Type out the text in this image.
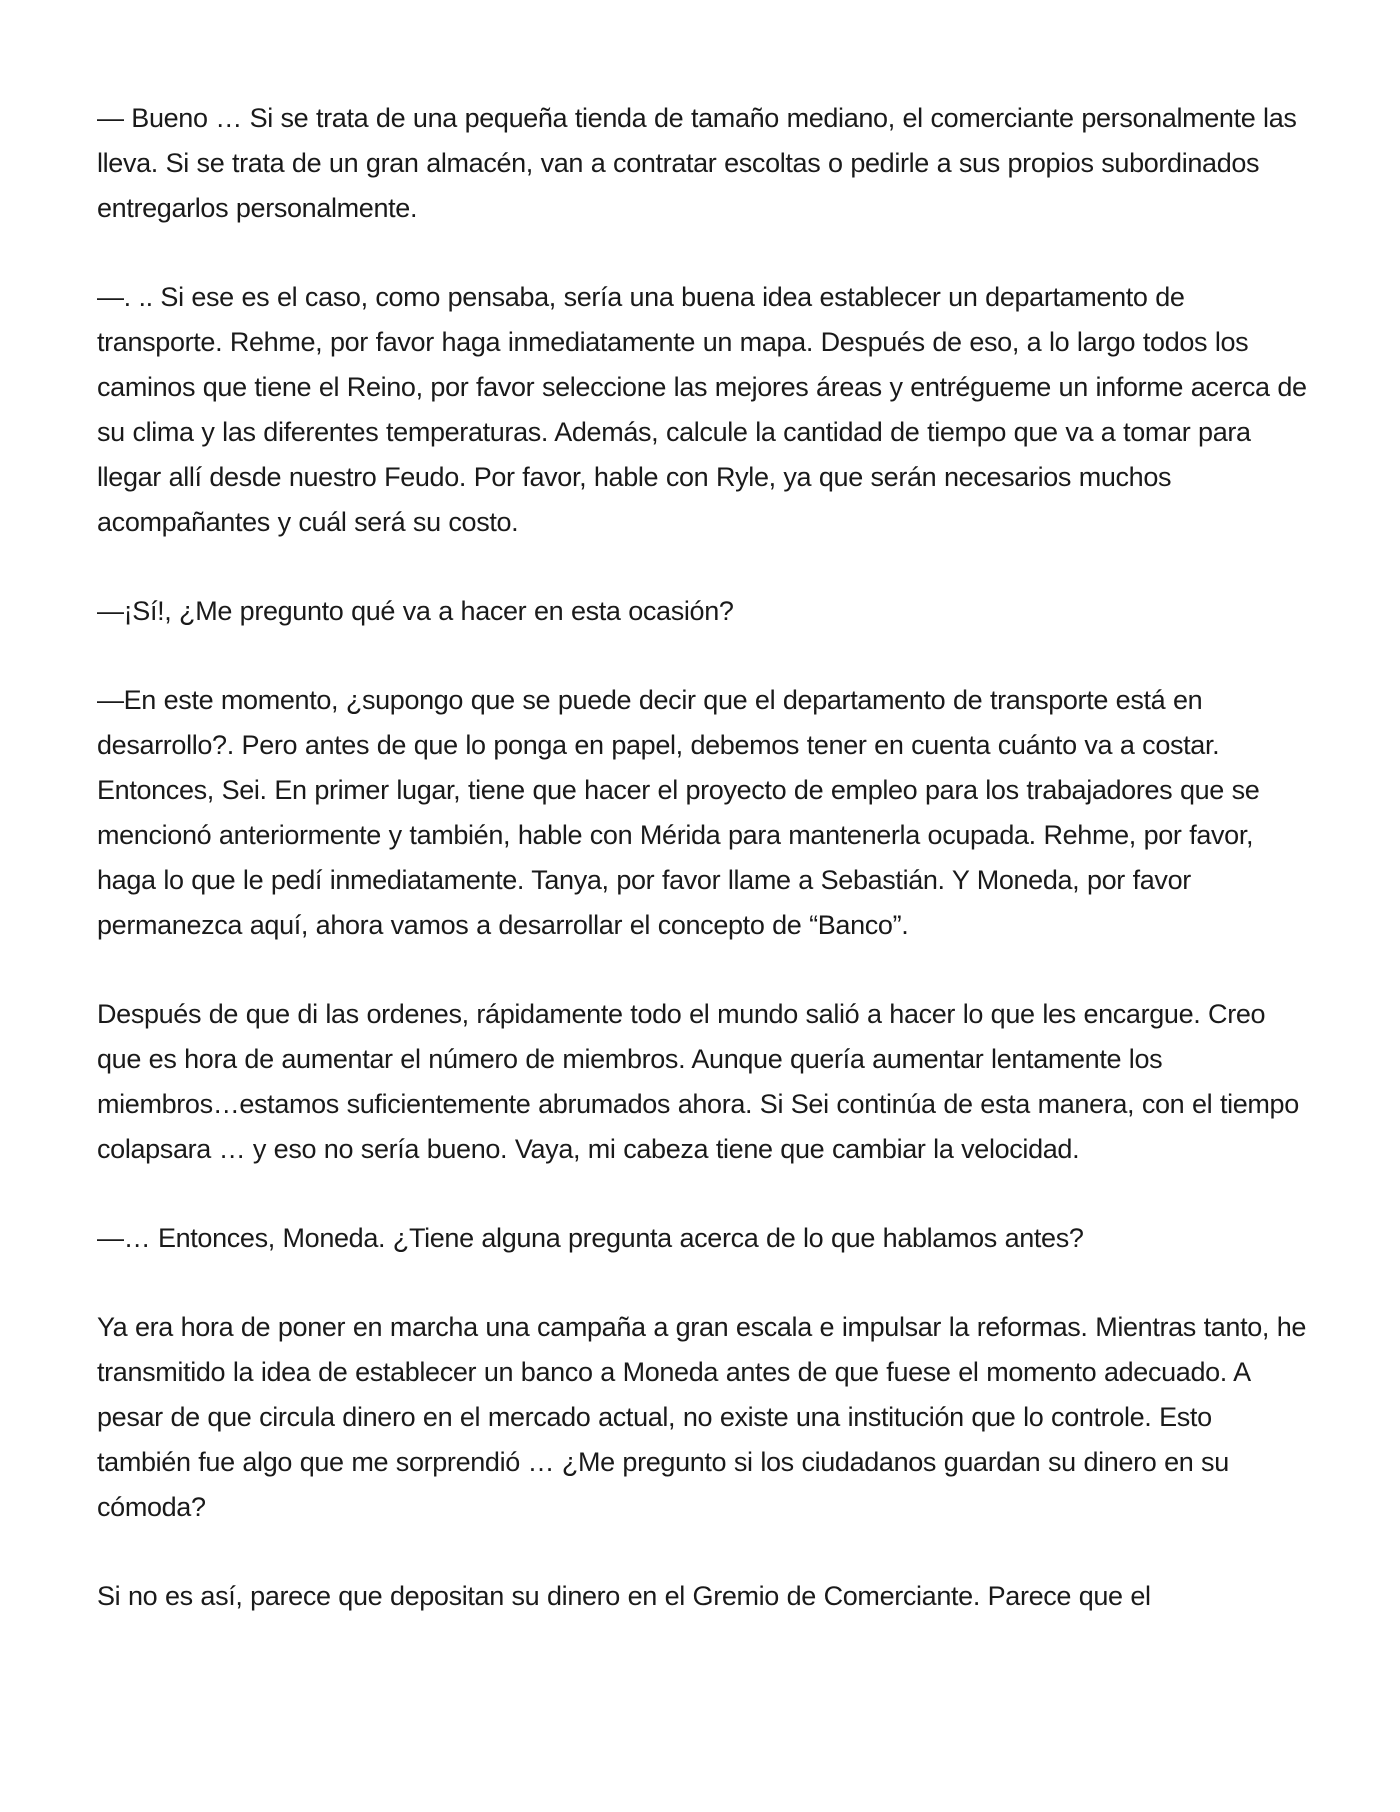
— Bueno … Si se trata de una pequeña tienda de tamaño mediano, el comerciante personalmente las lleva. Si se trata de un gran almacén, van a contratar escoltas o pedirle a sus propios subordinados entregarlos personalmente.

—. .. Si ese es el caso, como pensaba, sería una buena idea establecer un departamento de transporte. Rehme, por favor haga inmediatamente un mapa. Después de eso, a lo largo todos los caminos que tiene el Reino, por favor seleccione las mejores áreas y entrégueme un informe acerca de su clima y las diferentes temperaturas. Además, calcule la cantidad de tiempo que va a tomar para llegar allí desde nuestro Feudo. Por favor, hable con Ryle, ya que serán necesarios muchos acompañantes y cuál será su costo.

—¡Sí!, ¿Me pregunto qué va a hacer en esta ocasión?

—En este momento, ¿supongo que se puede decir que el departamento de transporte está en desarrollo?. Pero antes de que lo ponga en papel, debemos tener en cuenta cuánto va a costar. Entonces, Sei. En primer lugar, tiene que hacer el proyecto de empleo para los trabajadores que se mencionó anteriormente y también, hable con Mérida para mantenerla ocupada. Rehme, por favor, haga lo que le pedí inmediatamente. Tanya, por favor llame a Sebastián. Y Moneda, por favor permanezca aquí, ahora vamos a desarrollar el concepto de “Banco”.

Después de que di las ordenes, rápidamente todo el mundo salió a hacer lo que les encargue. Creo que es hora de aumentar el número de miembros. Aunque quería aumentar lentamente los miembros…estamos suficientemente abrumados ahora. Si Sei continúa de esta manera, con el tiempo colapsara … y eso no sería bueno. Vaya, mi cabeza tiene que cambiar la velocidad.

—… Entonces, Moneda. ¿Tiene alguna pregunta acerca de lo que hablamos antes?

Ya era hora de poner en marcha una campaña a gran escala e impulsar la reformas. Mientras tanto, he transmitido la idea de establecer un banco a Moneda antes de que fuese el momento adecuado. A pesar de que circula dinero en el mercado actual, no existe una institución que lo controle. Esto también fue algo que me sorprendió … ¿Me pregunto si los ciudadanos guardan su dinero en su cómoda?

Si no es así, parece que depositan su dinero en el Gremio de Comerciante. Parece que el
